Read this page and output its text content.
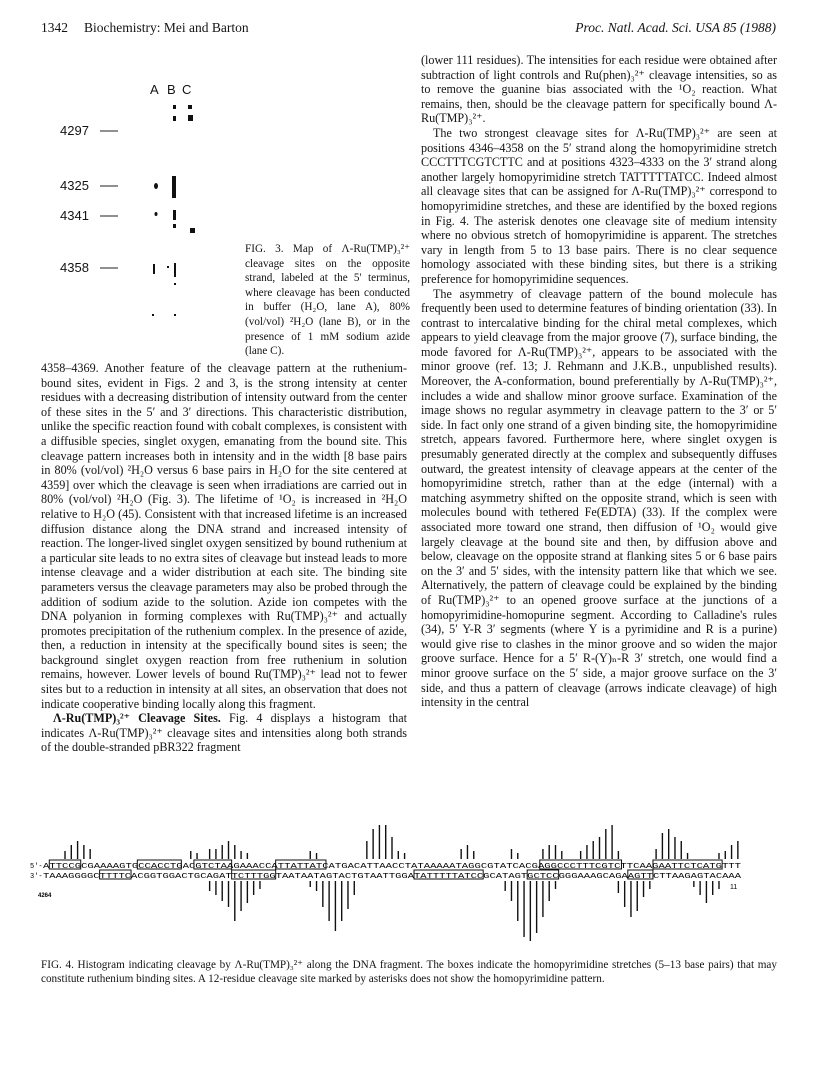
1342 Biochemistry: Mei and Barton	Proc. Natl. Acad. Sci. USA 85 (1988)
A B C
4297
4325
4341
4358
FIG. 3. Map of Λ-Ru(TMP)₃²⁺ cleavage sites on the opposite strand, labeled at the 5′ terminus, where cleavage has been conducted in buffer (H₂O, lane A), 80% (vol/vol) ²H₂O (lane B), or in the presence of 1 mM sodium azide (lane C).

4358–4369. Another feature of the cleavage pattern at the ruthenium-bound sites, evident in Figs. 2 and 3, is the strong intensity at center residues with a decreasing distribution of intensity outward from the center of these sites in the 5′ and 3′ directions. This characteristic distribution, unlike the specific reaction found with cobalt complexes, is consistent with a diffusible species, singlet oxygen, emanating from the bound site. This cleavage pattern increases both in intensity and in the width [8 base pairs in 80% (vol/vol) ²H₂O versus 6 base pairs in H₂O for the site centered at 4359] over which the cleavage is seen when irradiations are carried out in 80% (vol/vol) ²H₂O (Fig. 3). The lifetime of ¹O₂ is increased in ²H₂O relative to H₂O (45). Consistent with that increased lifetime is an increased diffusion distance along the DNA strand and increased intensity of reaction. The longer-lived singlet oxygen sensitized by bound ruthenium at a particular site leads to no extra sites of cleavage but instead leads to more intense cleavage and a wider distribution at each site. The binding site parameters versus the cleavage parameters may also be probed through the addition of sodium azide to the solution. Azide ion competes with the DNA polyanion in forming complexes with Ru(TMP)₃²⁺ and actually promotes precipitation of the ruthenium complex. In the presence of azide, then, a reduction in intensity at the specifically bound sites is seen; the background singlet oxygen reaction from free ruthenium in solution remains, however. Lower levels of bound Ru(TMP)₃²⁺ lead not to fewer sites but to a reduction in intensity at all sites, an observation that does not indicate cooperative binding locally along this fragment.

Λ-Ru(TMP)₃²⁺ Cleavage Sites. Fig. 4 displays a histogram that indicates Λ-Ru(TMP)₃²⁺ cleavage sites and intensities along both strands of the double-stranded pBR322 fragment

(lower 111 residues). The intensities for each residue were obtained after subtraction of light controls and Ru(phen)₃²⁺ cleavage intensities, so as to remove the guanine bias associated with the ¹O₂ reaction. What remains, then, should be the cleavage pattern for specifically bound Λ-Ru(TMP)₃²⁺.

The two strongest cleavage sites for Λ-Ru(TMP)₃²⁺ are seen at positions 4346–4358 on the 5′ strand along the homopyrimidine stretch CCCTTTCGTCTTC and at positions 4323–4333 on the 3′ strand along another largely homopyrimidine stretch TATTTTTATCC. Indeed almost all cleavage sites that can be assigned for Λ-Ru(TMP)₃²⁺ correspond to homopyrimidine stretches, and these are identified by the boxed regions in Fig. 4. The asterisk denotes one cleavage site of medium intensity where no obvious stretch of homopyrimidine is apparent. The stretches vary in length from 5 to 13 base pairs. There is no clear sequence homology associated with these binding sites, but there is a striking preference for homopyrimidine sequences.

The asymmetry of cleavage pattern of the bound molecule has frequently been used to determine features of binding orientation (33). In contrast to intercalative binding for the chiral metal complexes, which appears to yield cleavage from the major groove (7), surface binding, the mode favored for Λ-Ru(TMP)₃²⁺, appears to be associated with the minor groove (ref. 13; J. Rehmann and J.K.B., unpublished results). Moreover, the A-conformation, bound preferentially by Λ-Ru(TMP)₃²⁺, includes a wide and shallow minor groove surface. Examination of the image shows no regular asymmetry in cleavage pattern to the 3′ or 5′ side. In fact only one strand of a given binding site, the homopyrimidine stretch, appears favored. Furthermore here, where singlet oxygen is presumably generated directly at the complex and subsequently diffuses outward, the greatest intensity of cleavage appears at the center of the homopyrimidine stretch, rather than at the edge (internal) with a matching asymmetry shifted on the opposite strand, which is seen with molecules bound with tethered Fe(EDTA) (33). If the complex were associated more toward one strand, then diffusion of ¹O₂ would give largely cleavage at the bound site and then, by diffusion above and below, cleavage on the opposite strand at flanking sites 5 or 6 base pairs on the 3′ and 5′ sides, with the intensity pattern like that which we see. Alternatively, the pattern of cleavage could be explained by the binding of Ru(TMP)₃²⁺ to an opened groove surface at the junctions of a homopyrimidine-homopurine segment. According to Calladine's rules (34), 5′ Y-R 3′ segments (where Y is a pyrimidine and R is a purine) would give rise to clashes in the minor groove and so widen the major groove surface. Hence for a 5′ R-(Y)ₙ-R 3′ stretch, one would find a minor groove surface on the 5′ side, a major groove surface on the 3′ side, and thus a pattern of cleavage (arrows indicate cleavage) of high intensity in the central

5′-
3′-
ATTCCGCGAAAAGTGCCACCTGACGTCTAAGAAACCATTATTATCATGACATTAACCTATAAAAATAGGCGTATCACGAGGCCCTTTCGTCTTCAAGAATTCTCATGTTT
TAAAGGGGCTTTTCACGGTGGACTGCAGATTCTTTGGTAATAATAGTACTGTAATTGGATATTTTTATCCGCATAGTGCTCCGGGAAAGCAGAAGTTCTTAAGAGTACAAA
4264
11
FIG. 4. Histogram indicating cleavage by Λ-Ru(TMP)₃²⁺ along the DNA fragment. The boxes indicate the homopyrimidine stretches (5–13 base pairs) that may constitute ruthenium binding sites. A 12-residue cleavage site marked by asterisks does not show the homopyrimidine pattern.
